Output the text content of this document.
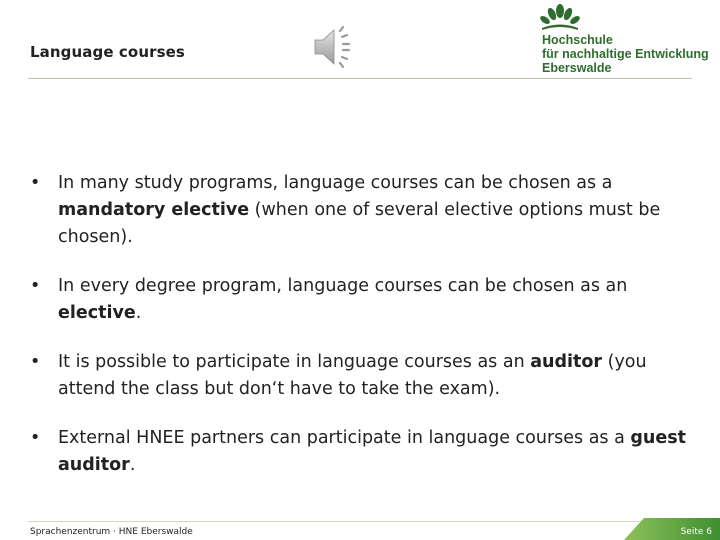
Language courses
Hochschule
für nachhaltige Entwicklung
Eberswalde
• In many study programs, language courses can be chosen as a mandatory elective (when one of several elective options must be chosen).
• In every degree program, language courses can be chosen as an elective.
• It is possible to participate in language courses as an auditor (you attend the class but don‘t have to take the exam).
• External HNEE partners can participate in language courses as a guest auditor.
Sprachenzentrum · HNE Eberswalde	Seite 6
